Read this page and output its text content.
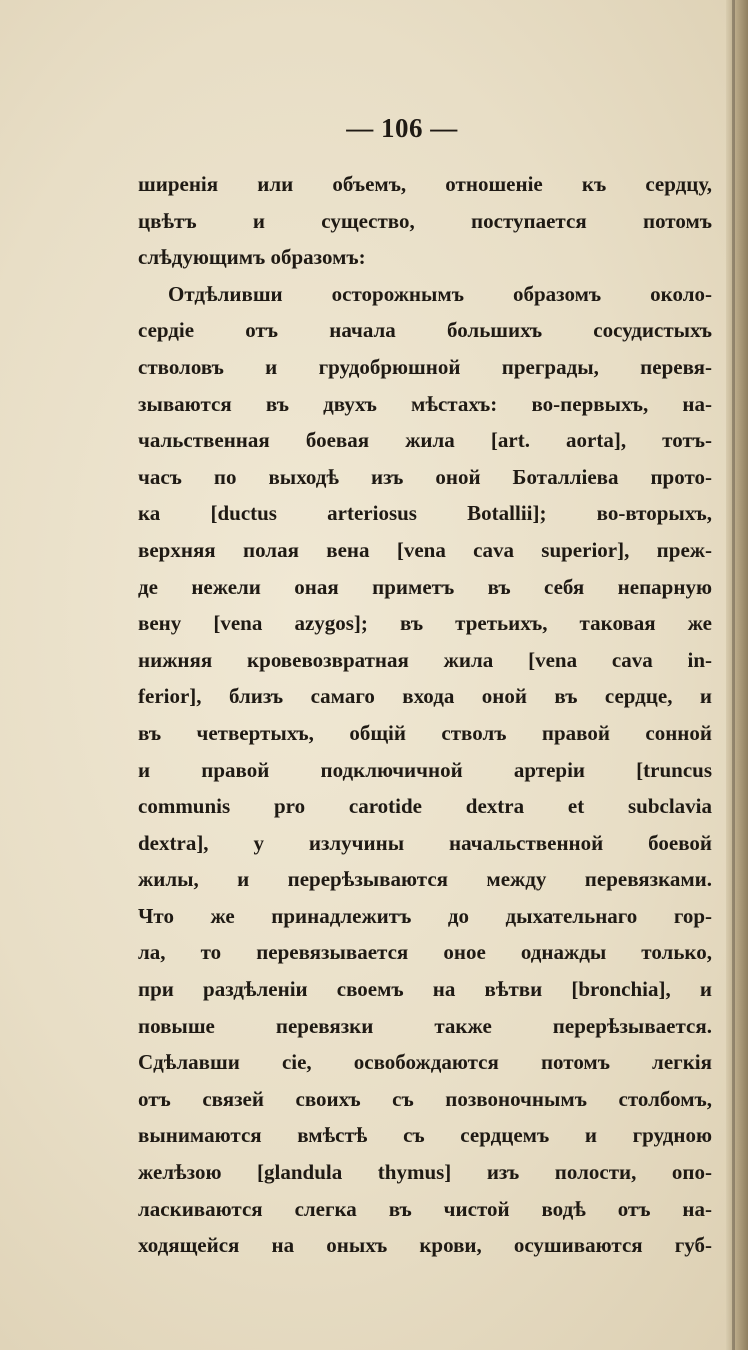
— 106 —
ширенія или объемъ, отношеніе къ сердцу,
цвѣтъ и существо, поступается потомъ
слѣдующимъ образомъ:
Отдѣливши осторожнымъ образомъ около-
сердіе отъ начала большихъ сосудистыхъ
стволовъ и грудобрюшной преграды, перевя-
зываются въ двухъ мѣстахъ: во-первыхъ, на-
чальственная боевая жила [art. aorta], тотъ-
часъ по выходѣ изъ оной Боталліева прото-
ка [ductus arteriosus Botallii]; во-вторыхъ,
верхняя полая вена [vena cava superior], преж-
де нежели оная приметъ въ себя непарную
вену [vena azygos]; въ третьихъ, таковая же
нижняя кровевозвратная жила [vena cava in-
ferior], близъ самаго входа оной въ сердце, и
въ четвертыхъ, общій стволъ правой сонной
и правой подключичной артеріи [truncus
communis pro carotide dextra et subclavia
dextra], у излучины начальственной боевой
жилы, и перерѣзываются между перевязками.
Что же принадлежитъ до дыхательнаго гор-
ла, то перевязывается оное однажды только,
при раздѣленіи своемъ на вѣтви [bronchia], и
повыше перевязки также перерѣзывается.
Сдѣлавши сіе, освобождаются потомъ легкія
отъ связей своихъ съ позвоночнымъ столбомъ,
вынимаются вмѣстѣ съ сердцемъ и грудною
желѣзою [glandula thymus] изъ полости, опо-
ласкиваются слегка въ чистой водѣ отъ на-
ходящейся на оныхъ крови, осушиваются губ-
